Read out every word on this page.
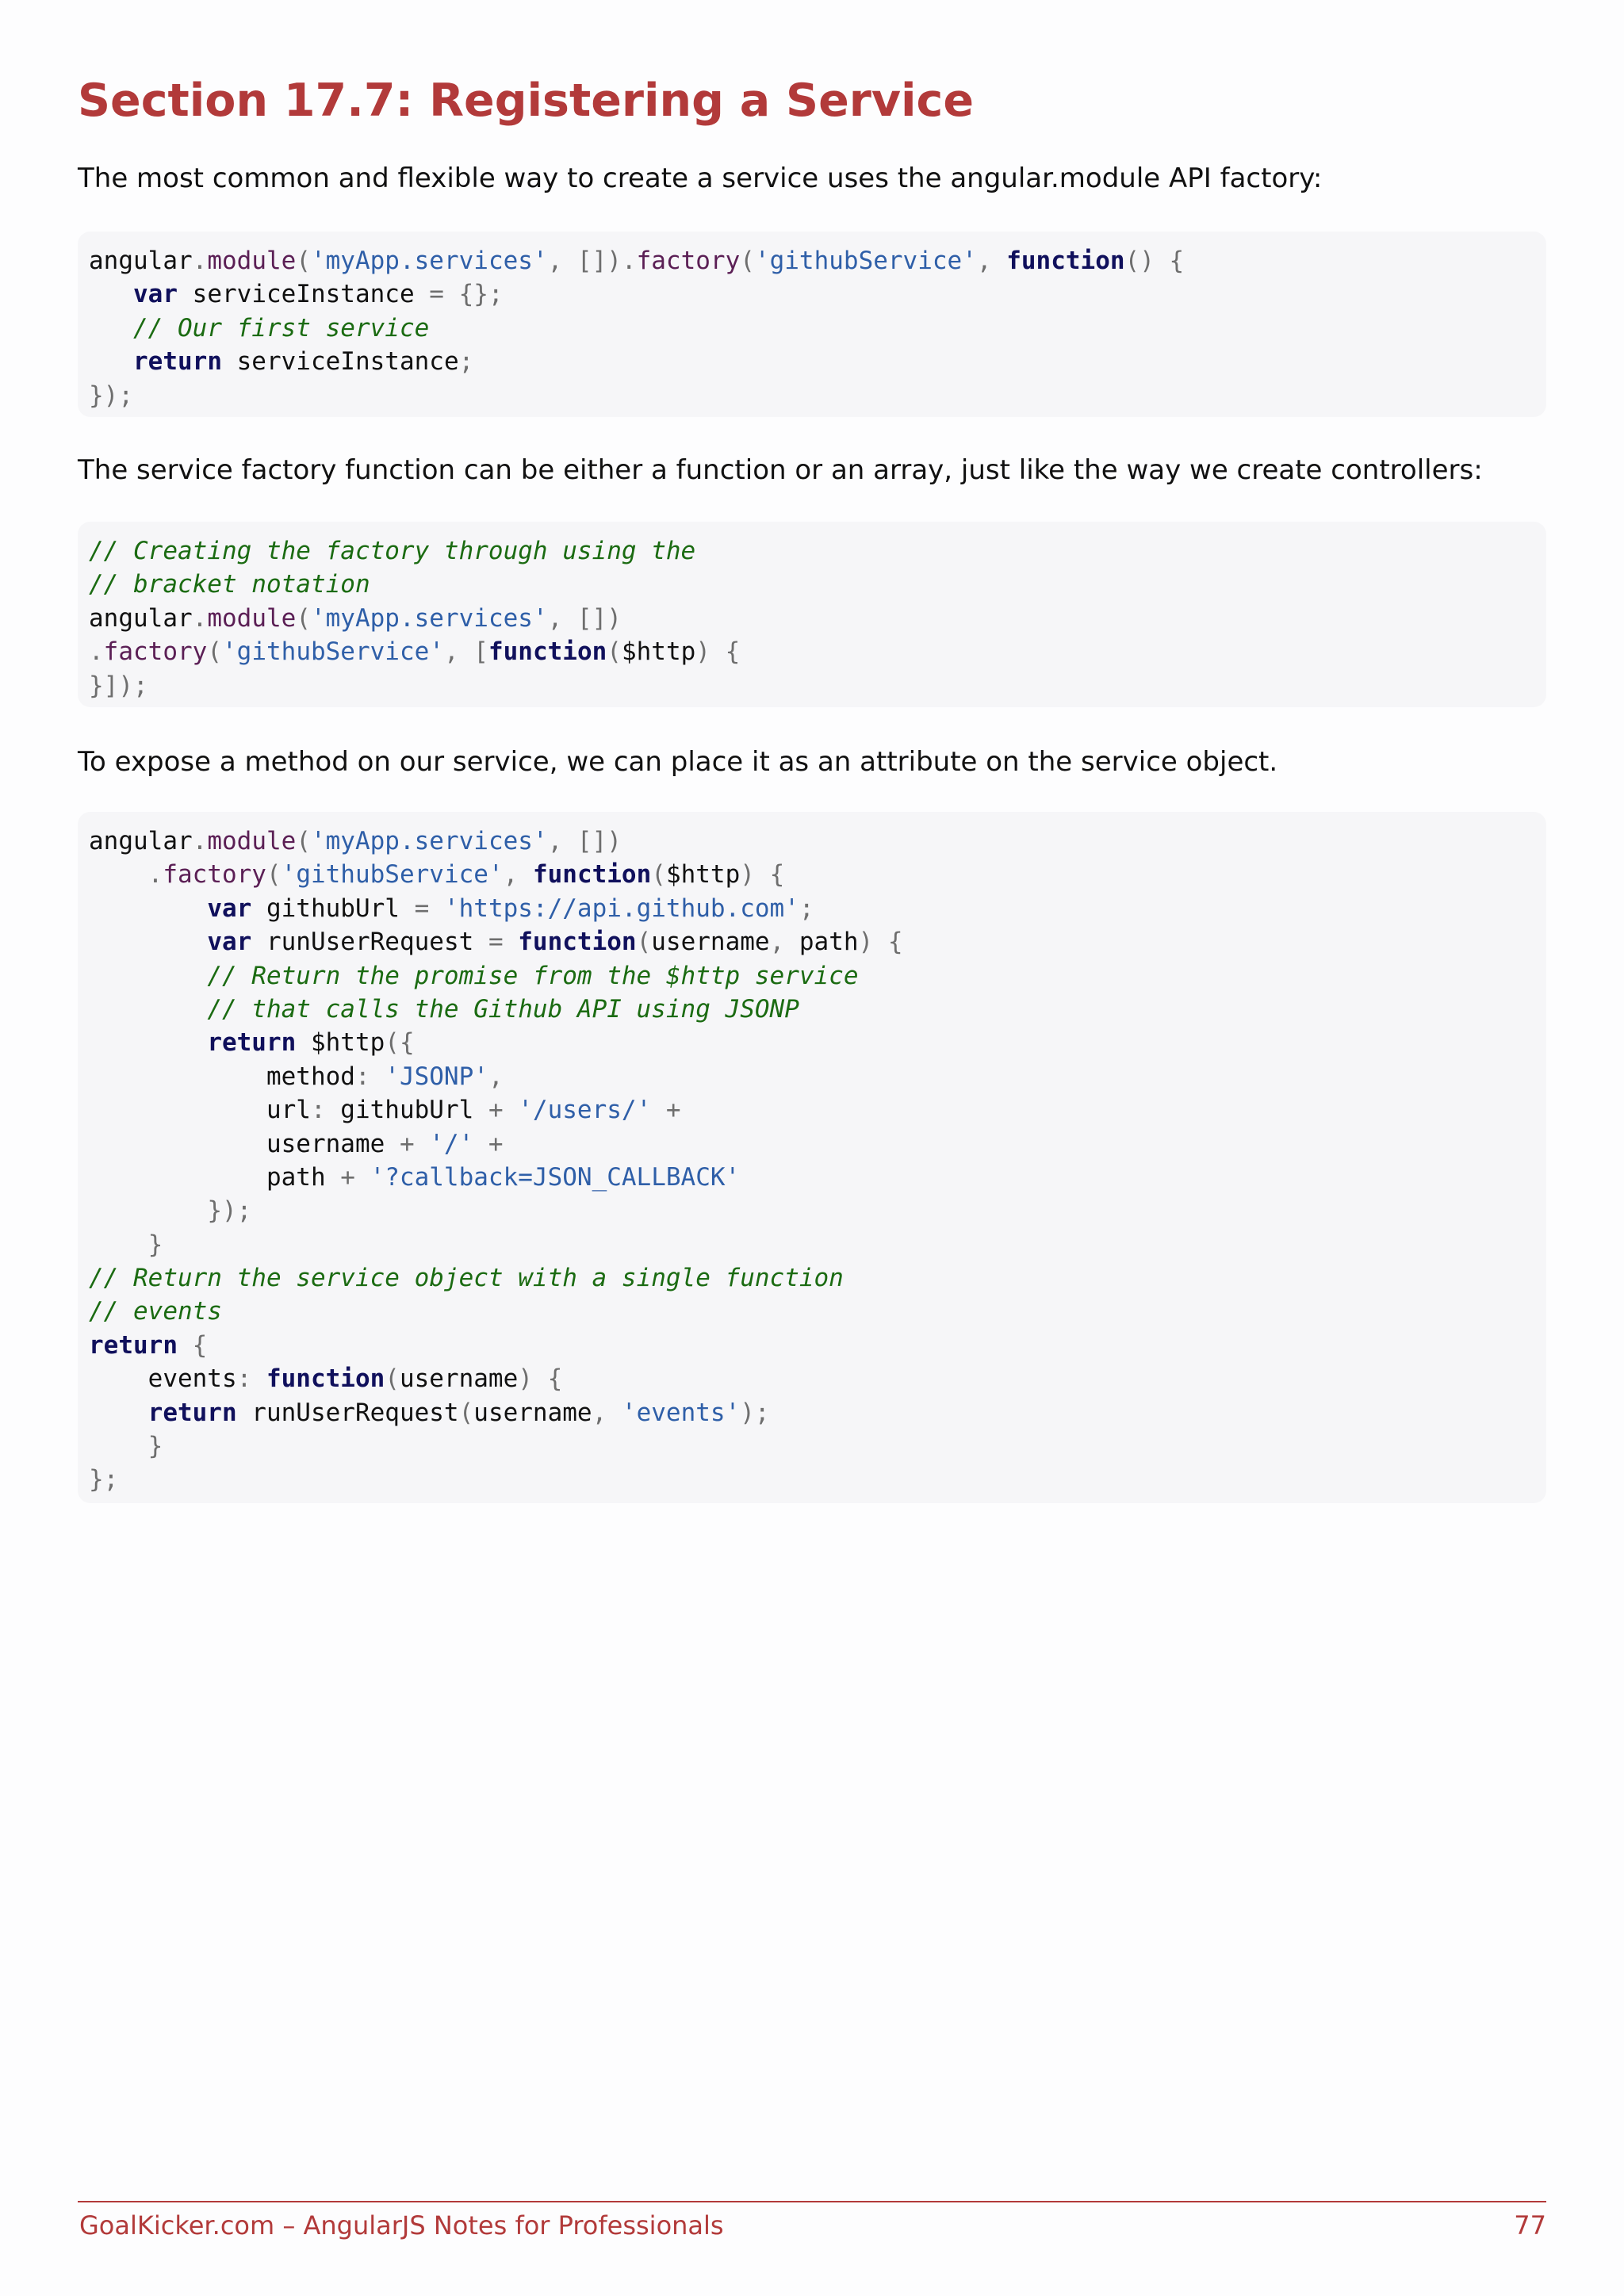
Section 17.7: Registering a Service

The most common and flexible way to create a service uses the angular.module API factory:

angular.module('myApp.services', []).factory('githubService', function() {
var serviceInstance = {};
// Our first service
return serviceInstance;
});

The service factory function can be either a function or an array, just like the way we create controllers:

// Creating the factory through using the
// bracket notation
angular.module('myApp.services', [])
.factory('githubService', [function($http) {
}]);

To expose a method on our service, we can place it as an attribute on the service object.

angular.module('myApp.services', [])
.factory('githubService', function($http) {
var githubUrl = 'https://api.github.com';
var runUserRequest = function(username, path) {
// Return the promise from the $http service
// that calls the Github API using JSONP
return $http({
method: 'JSONP',
url: githubUrl + '/users/' +
username + '/' +
path + '?callback=JSON_CALLBACK'
});
}
// Return the service object with a single function
// events
return {
events: function(username) {
return runUserRequest(username, 'events');
}
};
GoalKicker.com – AngularJS Notes for Professionals	77
